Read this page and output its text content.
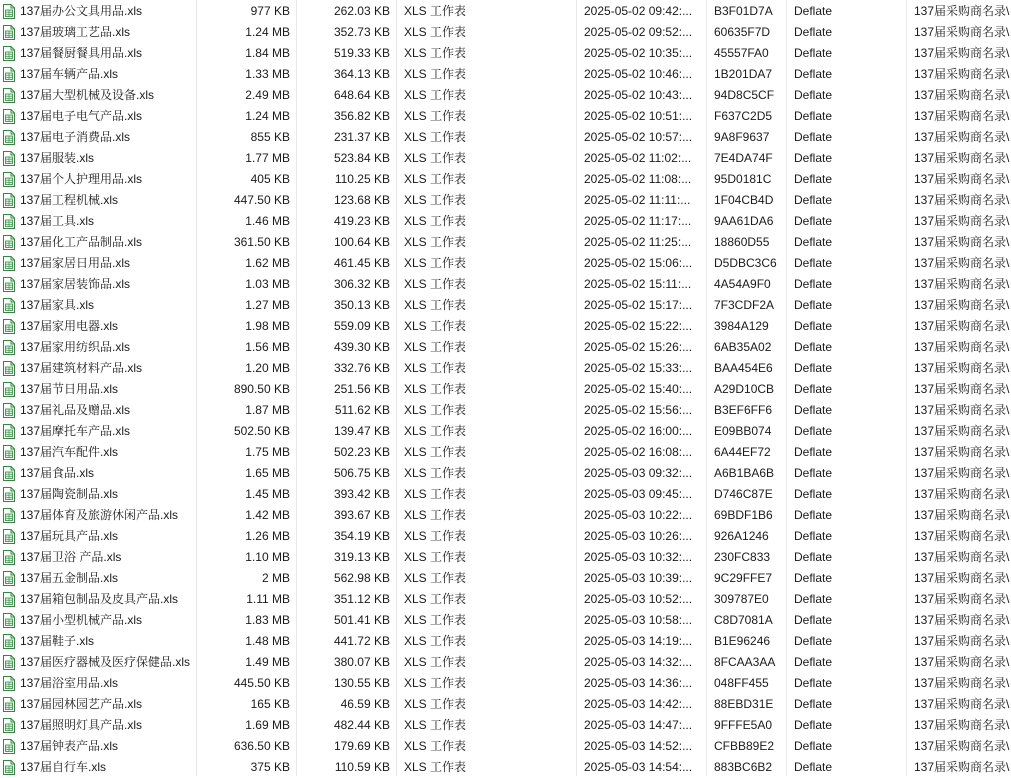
137届办公文具用品.xls	977 KB	262.03 KB XLS 工作表	2025-05-02 09:42:...	B3F01D7A	Deflate	137届采购商名录\
137届玻璃工艺品.xls	1.24 MB	352.73 KB XLS 工作表	2025-05-02 09:52:...	60635F7D	Deflate	137届采购商名录\
137届餐厨餐具用品.xls	1.84 MB	519.33 KB XLS 工作表	2025-05-02 10:35:...	45557FA0	Deflate	137届采购商名录\
137届车辆产品.xls	1.33 MB	364.13 KB XLS 工作表	2025-05-02 10:46:...	1B201DA7	Deflate	137届采购商名录\
137届大型机械及设备.xls	2.49 MB	648.64 KB XLS 工作表	2025-05-02 10:43:...	94D8C5CF	Deflate	137届采购商名录\
137届电子电气产品.xls	1.24 MB	356.82 KB XLS 工作表	2025-05-02 10:51:...	F637C2D5	Deflate	137届采购商名录\
137届电子消费品.xls	855 KB	231.37 KB XLS 工作表	2025-05-02 10:57:...	9A8F9637	Deflate	137届采购商名录\
137届服装.xls	1.77 MB	523.84 KB XLS 工作表	2025-05-02 11:02:...	7E4DA74F	Deflate	137届采购商名录\
137届个人护理用品.xls	405 KB	110.25 KB XLS 工作表	2025-05-02 11:08:...	95D0181C	Deflate	137届采购商名录\
137届工程机械.xls	447.50 KB	123.68 KB XLS 工作表	2025-05-02 11:11:...	1F04CB4D	Deflate	137届采购商名录\
137届工具.xls	1.46 MB	419.23 KB XLS 工作表	2025-05-02 11:17:...	9AA61DA6	Deflate	137届采购商名录\
137届化工产品制品.xls	361.50 KB	100.64 KB XLS 工作表	2025-05-02 11:25:...	18860D55	Deflate	137届采购商名录\
137届家居日用品.xls	1.62 MB	461.45 KB XLS 工作表	2025-05-02 15:06:...	D5DBC3C6	Deflate	137届采购商名录\
137届家居装饰品.xls	1.03 MB	306.32 KB XLS 工作表	2025-05-02 15:11:...	4A54A9F0	Deflate	137届采购商名录\
137届家具.xls	1.27 MB	350.13 KB XLS 工作表	2025-05-02 15:17:...	7F3CDF2A	Deflate	137届采购商名录\
137届家用电器.xls	1.98 MB	559.09 KB XLS 工作表	2025-05-02 15:22:...	3984A129	Deflate	137届采购商名录\
137届家用纺织品.xls	1.56 MB	439.30 KB XLS 工作表	2025-05-02 15:26:...	6AB35A02	Deflate	137届采购商名录\
137届建筑材料产品.xls	1.20 MB	332.76 KB XLS 工作表	2025-05-02 15:33:...	BAA454E6	Deflate	137届采购商名录\
137届节日用品.xls	890.50 KB	251.56 KB XLS 工作表	2025-05-02 15:40:...	A29D10CB	Deflate	137届采购商名录\
137届礼品及赠品.xls	1.87 MB	511.62 KB XLS 工作表	2025-05-02 15:56:...	B3EF6FF6	Deflate	137届采购商名录\
137届摩托车产品.xls	502.50 KB	139.47 KB XLS 工作表	2025-05-02 16:00:...	E09BB074	Deflate	137届采购商名录\
137届汽车配件.xls	1.75 MB	502.23 KB XLS 工作表	2025-05-02 16:08:...	6A44EF72	Deflate	137届采购商名录\
137届食品.xls	1.65 MB	506.75 KB XLS 工作表	2025-05-03 09:32:...	A6B1BA6B	Deflate	137届采购商名录\
137届陶瓷制品.xls	1.45 MB	393.42 KB XLS 工作表	2025-05-03 09:45:...	D746C87E	Deflate	137届采购商名录\
137届体育及旅游休闲产品.xls	1.42 MB	393.67 KB XLS 工作表	2025-05-03 10:22:...	69BDF1B6	Deflate	137届采购商名录\
137届玩具产品.xls	1.26 MB	354.19 KB XLS 工作表	2025-05-03 10:26:...	926A1246	Deflate	137届采购商名录\
137届卫浴 产品.xls	1.10 MB	319.13 KB XLS 工作表	2025-05-03 10:32:...	230FC833	Deflate	137届采购商名录\
137届五金制品.xls	2 MB	562.98 KB XLS 工作表	2025-05-03 10:39:...	9C29FFE7	Deflate	137届采购商名录\
137届箱包制品及皮具产品.xls	1.11 MB	351.12 KB XLS 工作表	2025-05-03 10:52:...	309787E0	Deflate	137届采购商名录\
137届小型机械产品.xls	1.83 MB	501.41 KB XLS 工作表	2025-05-03 10:58:...	C8D7081A	Deflate	137届采购商名录\
137届鞋子.xls	1.48 MB	441.72 KB XLS 工作表	2025-05-03 14:19:...	B1E96246	Deflate	137届采购商名录\
137届医疗器械及医疗保健品.xls	1.49 MB	380.07 KB XLS 工作表	2025-05-03 14:32:...	8FCAA3AA	Deflate	137届采购商名录\
137届浴室用品.xls	445.50 KB	130.55 KB XLS 工作表	2025-05-03 14:36:...	048FF455	Deflate	137届采购商名录\
137届园林园艺产品.xls	165 KB	46.59 KB XLS 工作表	2025-05-03 14:42:...	88EBD31E	Deflate	137届采购商名录\
137届照明灯具产品.xls	1.69 MB	482.44 KB XLS 工作表	2025-05-03 14:47:...	9FFFE5A0	Deflate	137届采购商名录\
137届钟表产品.xls	636.50 KB	179.69 KB XLS 工作表	2025-05-03 14:52:...	CFBB89E2	Deflate	137届采购商名录\
137届自行车.xls	375 KB	110.59 KB XLS 工作表	2025-05-03 14:54:...	883BC6B2	Deflate	137届采购商名录\
